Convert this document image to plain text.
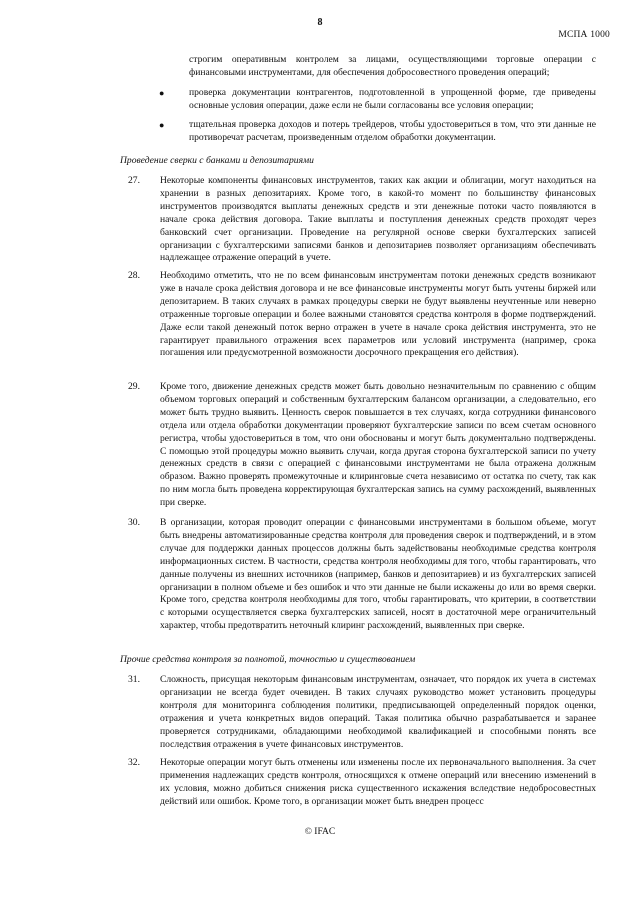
8
МСПА 1000

строгим оперативным контролем за лицами, осуществляющими торговые операции с финансовыми инструментами, для обеспечения добросовестного проведения операций;

●	проверка документации контрагентов, подготовленной в упрощенной форме, где приведены основные условия операции, даже если не были согласованы все условия операции;

●	тщательная проверка доходов и потерь трейдеров, чтобы удостовериться в том, что эти данные не противоречат расчетам, произведенным отделом обработки документации.

Проведение сверки с банками и депозитариями

27. Некоторые компоненты финансовых инструментов, таких как акции и облигации, могут находиться на хранении в разных депозитариях. Кроме того, в какой-то момент по большинству финансовых инструментов производятся выплаты денежных средств и эти денежные потоки часто появляются в начале срока действия договора. Такие выплаты и поступления денежных средств проходят через банковский счет организации. Проведение на регулярной основе сверки бухгалтерских записей организации с бухгалтерскими записями банков и депозитариев позволяет организациям обеспечивать надлежащее отражение операций в учете.

28. Необходимо отметить, что не по всем финансовым инструментам потоки денежных средств возникают уже в начале срока действия договора и не все финансовые инструменты могут быть учтены биржей или депозитарием. В таких случаях в рамках процедуры сверки не будут выявлены неучтенные или неверно отраженные торговые операции и более важными становятся средства контроля в форме подтверждений. Даже если такой денежный поток верно отражен в учете в начале срока действия инструмента, это не гарантирует правильного отражения всех параметров или условий инструмента (например, срока погашения или предусмотренной возможности досрочного прекращения его действия).

29. Кроме того, движение денежных средств может быть довольно незначительным по сравнению с общим объемом торговых операций и собственным бухгалтерским балансом организации, а следовательно, его может быть трудно выявить. Ценность сверок повышается в тех случаях, когда сотрудники финансового отдела или отдела обработки документации проверяют бухгалтерские записи по всем счетам основного регистра, чтобы удостовериться в том, что они обоснованы и могут быть документально подтверждены. С помощью этой процедуры можно выявить случаи, когда другая сторона бухгалтерской записи по учету денежных средств в связи с операцией с финансовыми инструментами не была отражена должным образом. Важно проверять промежуточные и клиринговые счета независимо от остатка по счету, так как по ним могла быть проведена корректирующая бухгалтерская запись на сумму расхождений, выявленных при сверке.

30. В организации, которая проводит операции с финансовыми инструментами в большом объеме, могут быть внедрены автоматизированные средства контроля для проведения сверок и подтверждений, и в этом случае для поддержки данных процессов должны быть задействованы необходимые средства контроля информационных систем. В частности, средства контроля необходимы для того, чтобы гарантировать, что данные получены из внешних источников (например, банков и депозитариев) и из бухгалтерских записей организации в полном объеме и без ошибок и что эти данные не были искажены до или во время сверки. Кроме того, средства контроля необходимы для того, чтобы гарантировать, что критерии, в соответствии с которыми осуществляется сверка бухгалтерских записей, носят в достаточной мере ограничительный характер, чтобы предотвратить неточный клиринг расхождений, выявленных при сверке.

Прочие средства контроля за полнотой, точностью и существованием

31. Сложность, присущая некоторым финансовым инструментам, означает, что порядок их учета в системах организации не всегда будет очевиден. В таких случаях руководство может установить процедуры контроля для мониторинга соблюдения политики, предписывающей определенный порядок оценки, отражения и учета конкретных видов операций. Такая политика обычно разрабатывается и заранее проверяется сотрудниками, обладающими необходимой квалификацией и способными понять все последствия отражения в учете финансовых инструментов.

32. Некоторые операции могут быть отменены или изменены после их первоначального выполнения. За счет применения надлежащих средств контроля, относящихся к отмене операций или внесению изменений в их условия, можно добиться снижения риска существенного искажения вследствие недобросовестных действий или ошибок. Кроме того, в организации может быть внедрен процесс

© IFAC
